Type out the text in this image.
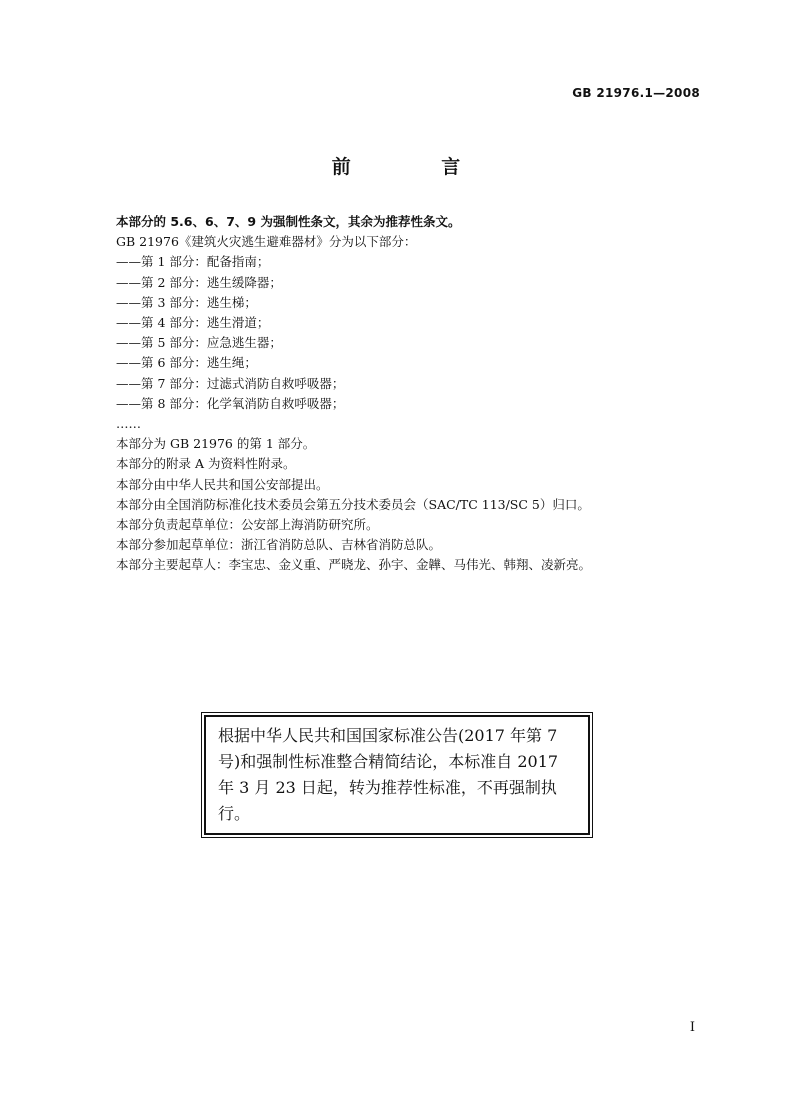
GB 21976.1—2008
前 言
本部分的 5.6、6、7、9 为强制性条文，其余为推荐性条文。
GB 21976《建筑火灾逃生避难器材》分为以下部分：
——第 1 部分：配备指南；
——第 2 部分：逃生缓降器；
——第 3 部分：逃生梯；
——第 4 部分：逃生滑道；
——第 5 部分：应急逃生器；
——第 6 部分：逃生绳；
——第 7 部分：过滤式消防自救呼吸器；
——第 8 部分：化学氧消防自救呼吸器；
……
本部分为 GB 21976 的第 1 部分。
本部分的附录 A 为资料性附录。
本部分由中华人民共和国公安部提出。
本部分由全国消防标准化技术委员会第五分技术委员会（SAC/TC 113/SC 5）归口。
本部分负责起草单位：公安部上海消防研究所。
本部分参加起草单位：浙江省消防总队、吉林省消防总队。
本部分主要起草人：李宝忠、金义重、严晓龙、孙宇、金韡、马伟光、韩翔、凌新亮。
根据中华人民共和国国家标准公告(2017 年第 7
号)和强制性标准整合精简结论，本标准自 2017
年 3 月 23 日起，转为推荐性标准，不再强制执行。
I
